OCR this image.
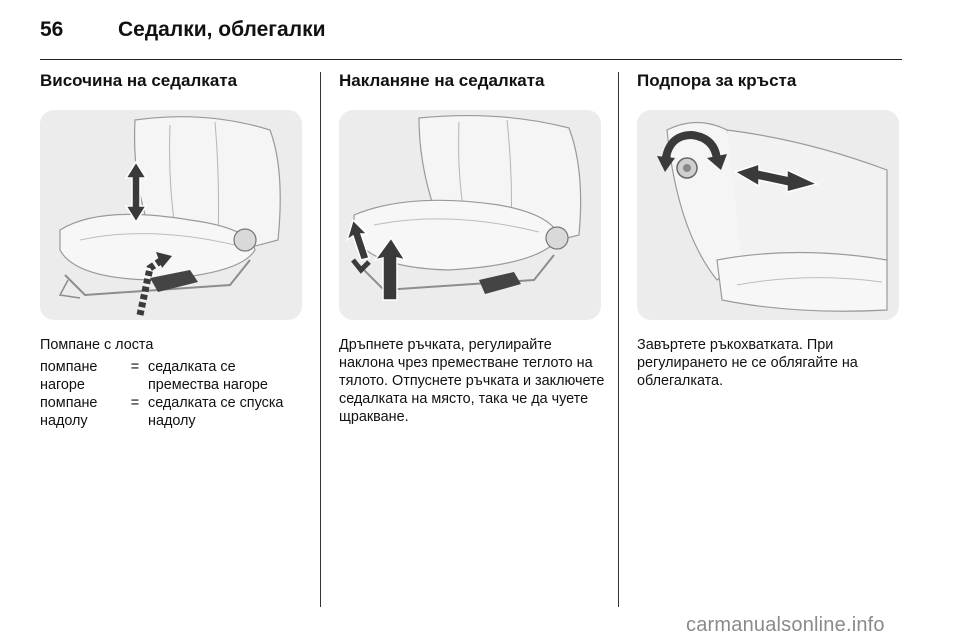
56	Седалки, облегалки
Височина на седалката
Помпане с лоста
помпане нагоре	=	седалката се премества нагоре
помпане надолу	=	седалката се спуска надолу
Накланяне на седалката
Дръпнете ръчката, регулирайте наклона чрез преместване теглото на тялото. Отпуснете ръчката и заключете седалката на място, така че да чуете щракване.
Подпора за кръста
Завъртете ръкохватката. При регулирането не се облягайте на облегалката.
carmanualsonline.info
